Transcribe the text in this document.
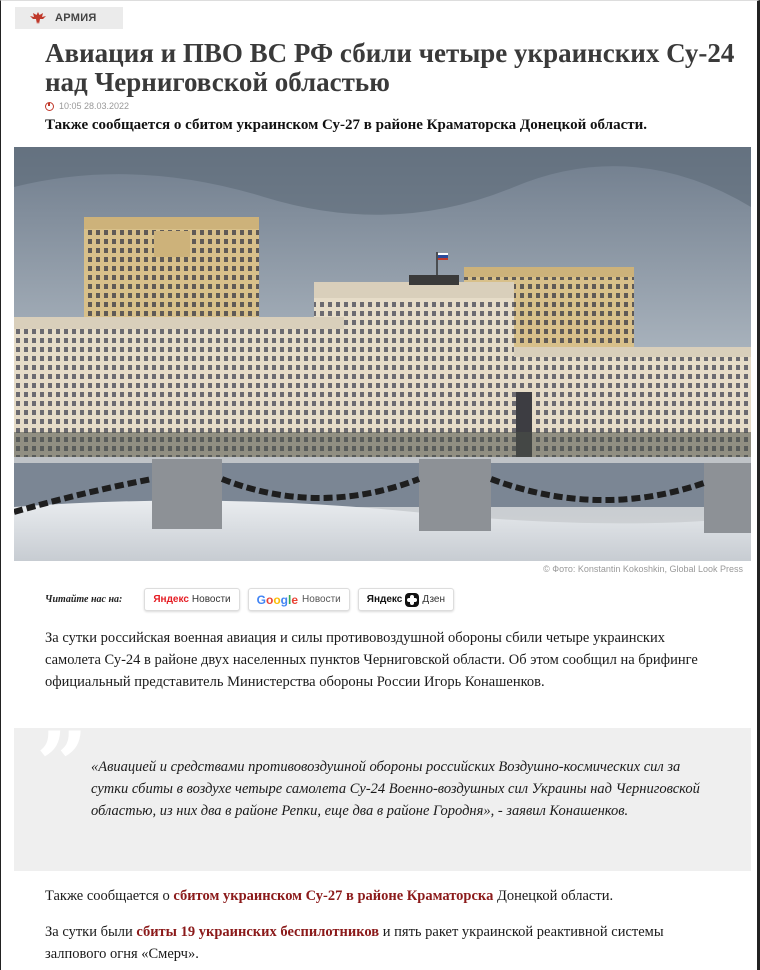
АРМИЯ
Авиация и ПВО ВС РФ сбили четыре украинских Су-24 над Черниговской областью
10:05 28.03.2022

Также сообщается о сбитом украинском Су-27 в районе Краматорска Донецкой области.

© Фото: Konstantin Kokoshkin, Global Look Press
Читайте нас на:	Яндекс Новости Google Новости	Яндекс Дзен

За сутки российская военная авиация и силы противовоздушной обороны сбили четыре украинских самолета Су-24 в районе двух населенных пунктов Черниговской области. Об этом сообщил на брифинге официальный представитель Министерства обороны России Игорь Конашенков.

” «Авиацией и средствами противовоздушной обороны российских Воздушно-космических сил за сутки сбиты в воздухе четыре самолета Су-24 Военно-воздушных сил Украины над Черниговской областью, из них два в районе Репки, еще два в районе Городня», - заявил Конашенков.

Также сообщается о сбитом украинском Су-27 в районе Краматорска Донецкой области.

За сутки были сбиты 19 украинских беспилотников и пять ракет украинской реактивной системы залпового огня «Смерч».
